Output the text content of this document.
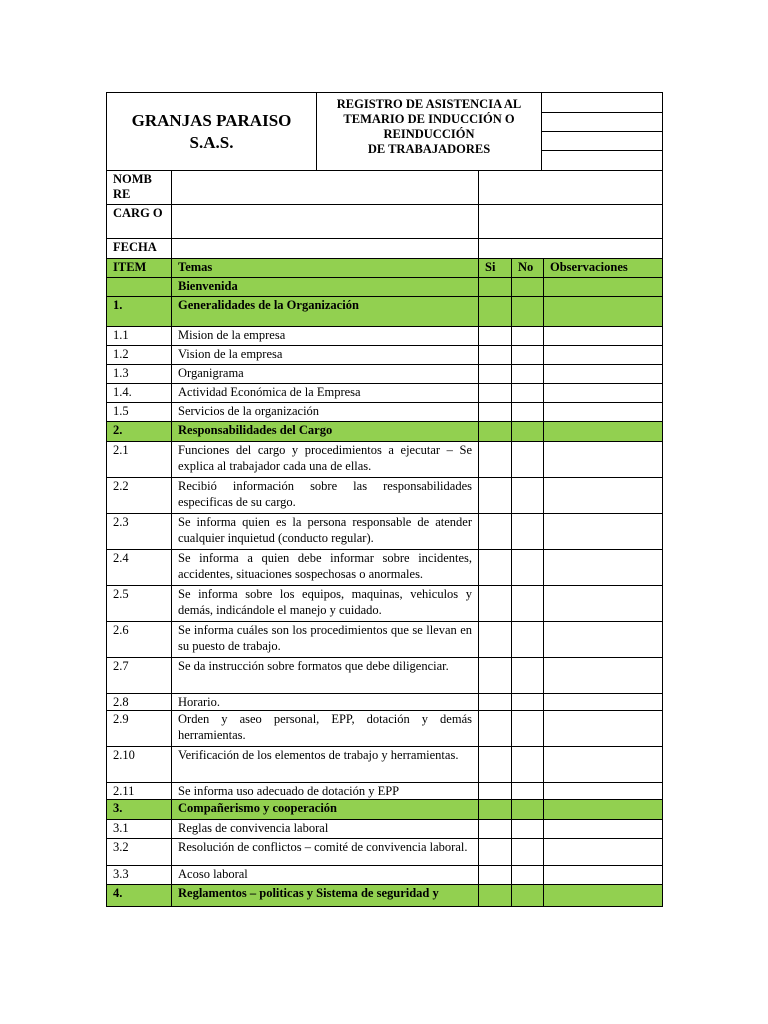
GRANJAS PARAISO
S.A.S.

REGISTRO DE ASISTENCIA AL
TEMARIO DE INDUCCIÓN O
REINDUCCIÓN
DE TRABAJADORES

NOMB RE				
CARG O				
FECHA				
ITEM	Temas	Si	No	Observaciones
	Bienvenida			
1.	Generalidades de la Organización			
1.1	Mision de la empresa			
1.2	Vision de la empresa			
1.3	Organigrama			
1.4.	Actividad Económica de la Empresa			
1.5	Servicios de la organización			
2.	Responsabilidades del Cargo			
2.1	Funciones del cargo y procedimientos a ejecutar – Se explica al trabajador cada una de ellas.			
2.2	Recibió información sobre las responsabilidades especificas de su cargo.			
2.3	Se informa quien es la persona responsable de atender cualquier inquietud (conducto regular).			
2.4	Se informa a quien debe informar sobre incidentes, accidentes, situaciones sospechosas o anormales.			
2.5	Se informa sobre los equipos, maquinas, vehiculos y demás, indicándole el manejo y cuidado.			
2.6	Se informa cuáles son los procedimientos que se llevan en su puesto de trabajo.			
2.7	Se da instrucción sobre formatos que debe diligenciar.			
2.8	Horario.			
2.9	Orden y aseo personal, EPP, dotación y demás herramientas.			
2.10	Verificación de los elementos de trabajo y herramientas.			
2.11	Se informa uso adecuado de dotación y EPP			
3.	Compañerismo y cooperación			
3.1	Reglas de convivencia laboral			
3.2	Resolución de conflictos – comité de convivencia laboral.			
3.3	Acoso laboral			
4.	Reglamentos – politicas y Sistema de seguridad y			
